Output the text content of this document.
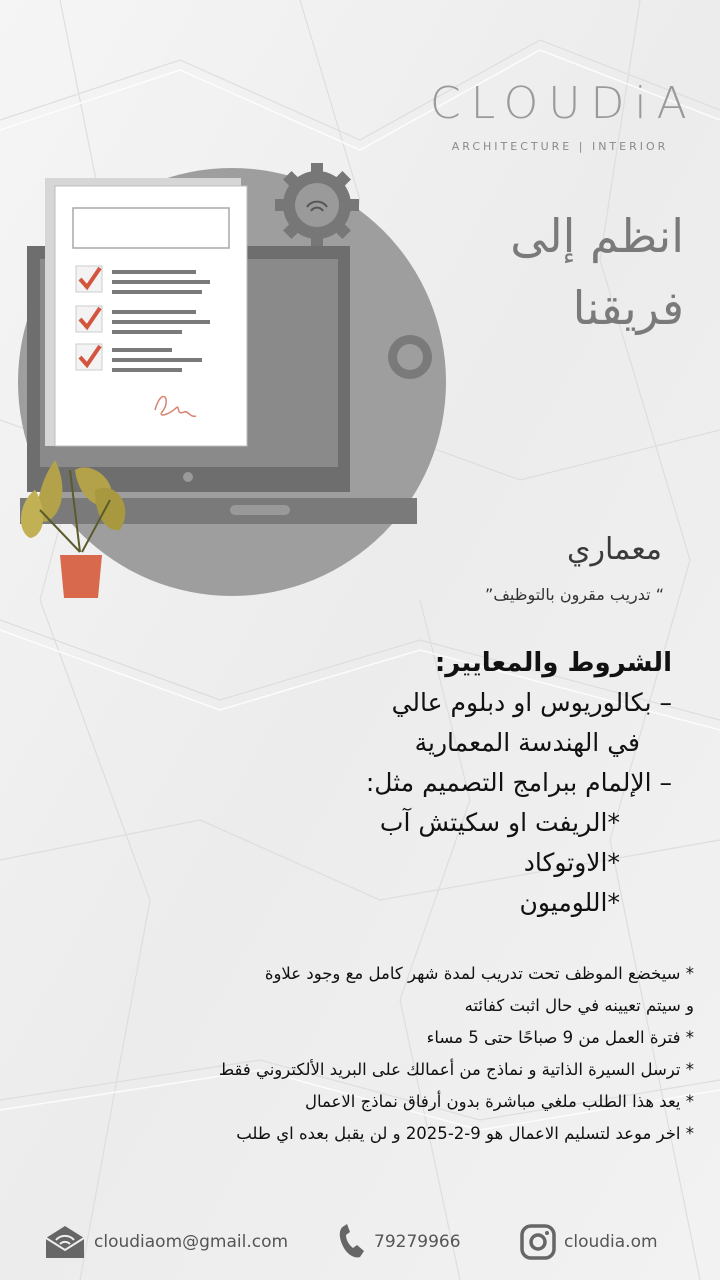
CLOUDiA
ARCHITECTURE | INTERIOR
انظم إلى
فريقنا
معماري
“ تدريب مقرون بالتوظيف”
الشروط والمعايير:
– بكالوريوس او دبلوم عالي
في الهندسة المعمارية
– الإلمام ببرامج التصميم مثل:
*الريفت او سكيتش آب
*الاوتوكاد
*اللوميون
* سيخضع الموظف تحت تدريب لمدة شهر كامل مع وجود علاوة
و سيتم تعيينه في حال اثبت كفائته
* فترة العمل من 9 صباحًا حتى 5 مساء
* ترسل السيرة الذاتية و نماذج من أعمالك على البريد الألكتروني فقط
* يعد هذا الطلب ملغي مباشرة بدون أرفاق نماذج الاعمال
* اخر موعد لتسليم الاعمال هو 9-2-2025 و لن يقبل بعده اي طلب
cloudiaom@gmail.com	79279966	cloudia.om
